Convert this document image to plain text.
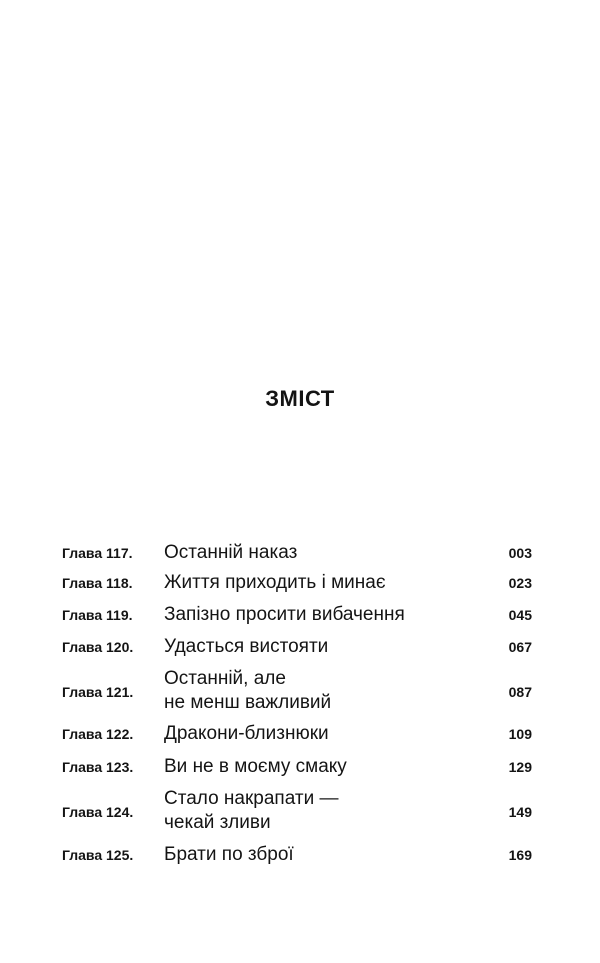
ЗМІСТ
Глава 117. Останній наказ	003
Глава 118. Життя приходить і минає	023
Глава 119. Запізно просити вибачення	045
Глава 120. Удасться вистояти	067
Глава 121.
Останній, але
не менш важливий	087
Глава 122. Дракони-близнюки	109
Глава 123. Ви не в моєму смаку	129
Глава 124.
Стало накрапати —
чекай зливи	149
Глава 125. Брати по зброї	169
